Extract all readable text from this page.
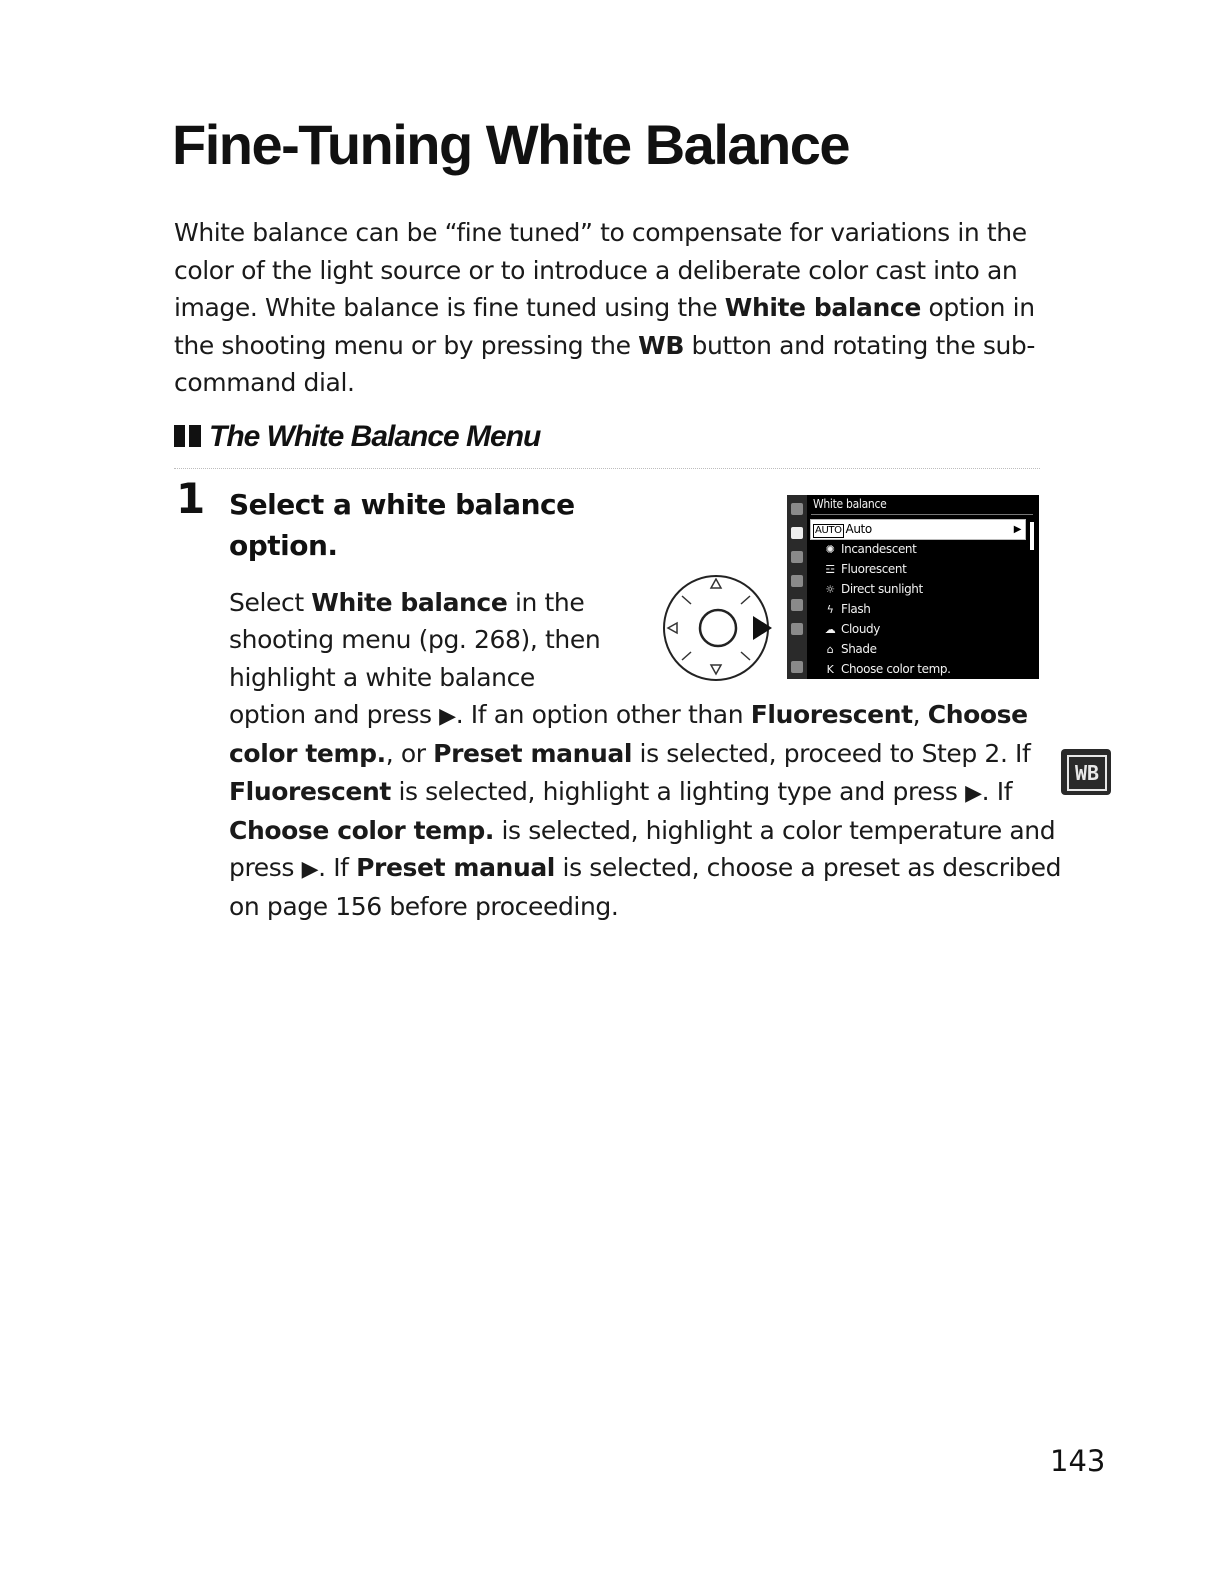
Fine-Tuning White Balance

White balance can be “fine tuned” to compensate for variations in the color of the light source or to introduce a deliberate color cast into an image. White balance is fine tuned using the White balance option in the shooting menu or by pressing the WB button and rotating the sub-command dial.

The White Balance Menu
1 Select a white balance option.

Select White balance in the shooting menu (pg. 268), then highlight a white balance

option and press ▶. If an option other than Fluorescent, Choose color temp., or Preset manual is selected, proceed to Step 2. If Fluorescent is selected, highlight a lighting type and press ▶. If Choose color temp. is selected, highlight a color temperature and press ▶. If Preset manual is selected, choose a preset as described on page 156 before proceeding.

White balance
AUTO Auto	▶
✺ Incandescent
☲ Fluorescent
☼ Direct sunlight
ϟ Flash
☁ Cloudy
⌂ Shade
K Choose color temp.
WB
143
